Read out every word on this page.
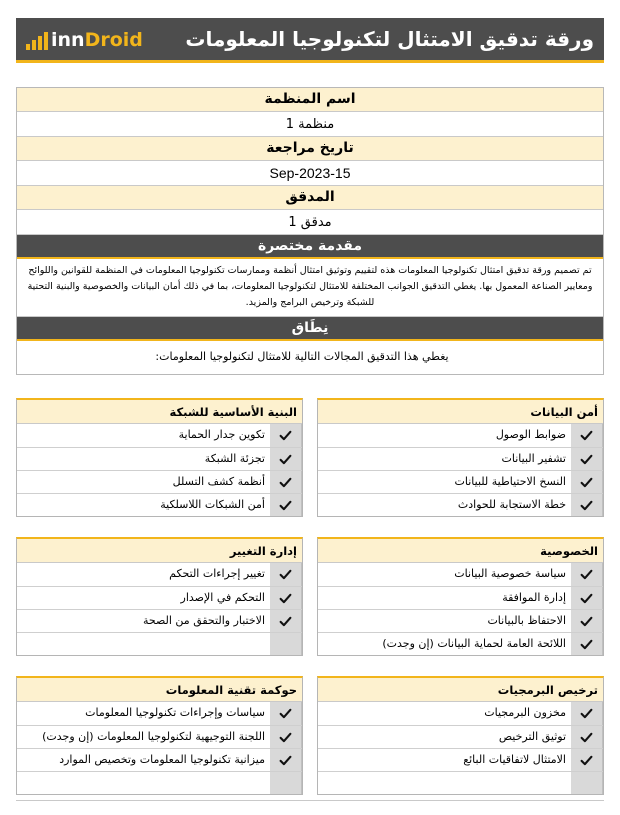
ورقة تدقيق الامتثال لتكنولوجيا المعلومات
innDroid
اسم المنظمة
منظمة 1
تاريخ مراجعة
15-Sep-2023
المدقق
مدقق 1
مقدمة مختصرة
تم تصميم ورقة تدقيق امتثال تكنولوجيا المعلومات هذه لتقييم وتوثيق امتثال أنظمة وممارسات تكنولوجيا المعلومات في المنظمة للقوانين واللوائح ومعايير الصناعة المعمول بها. يغطي التدقيق الجوانب المختلفة للامتثال لتكنولوجيا المعلومات، بما في ذلك أمان البيانات والخصوصية والبنية التحتية للشبكة وترخيص البرامج والمزيد.
نِطَاق
يغطي هذا التدقيق المجالات التالية للامتثال لتكنولوجيا المعلومات:
أمن البيانات
ضوابط الوصول
تشفير البيانات
النسخ الاحتياطية للبيانات
خطة الاستجابة للحوادث
البنية الأساسية للشبكة
تكوين جدار الحماية
تجزئة الشبكة
أنظمة كشف التسلل
أمن الشبكات اللاسلكية
الخصوصية
سياسة خصوصية البيانات
إدارة الموافقة
الاحتفاظ بالبيانات
اللائحة العامة لحماية البيانات (إن وجدت)
إدارة التغيير
تغيير إجراءات التحكم
التحكم في الإصدار
الاختبار والتحقق من الصحة
ترخيص البرمجيات
مخزون البرمجيات
توثيق الترخيص
الامتثال لاتفاقيات البائع
حوكمة تقنية المعلومات
سياسات وإجراءات تكنولوجيا المعلومات
اللجنة التوجيهية لتكنولوجيا المعلومات (إن وجدت)
ميزانية تكنولوجيا المعلومات وتخصيص الموارد
